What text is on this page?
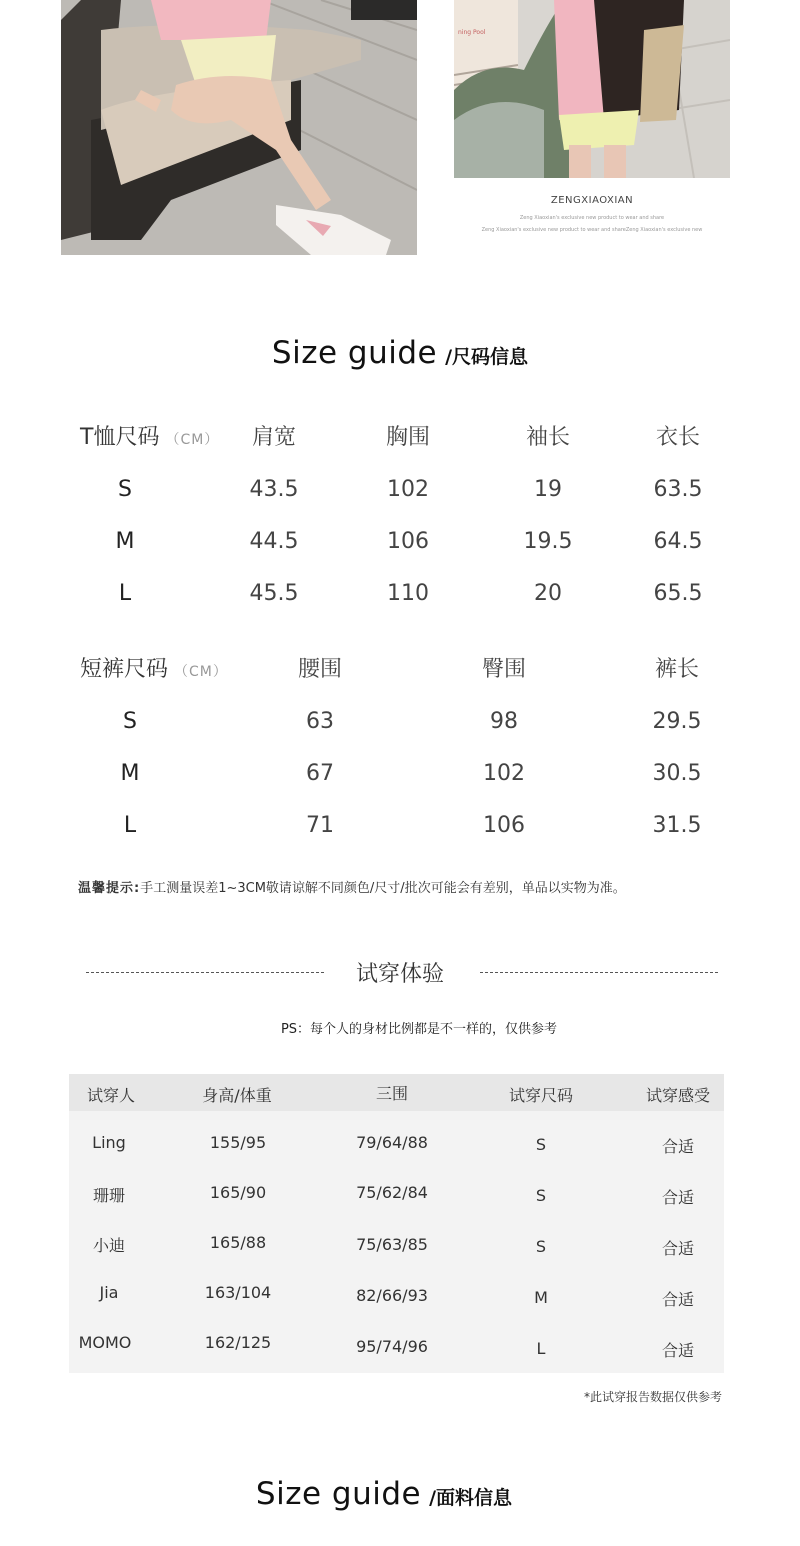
ning Pool
ZENGXIAOXIAN
Zeng Xiaoxian's exclusive new product to wear and share
Zeng Xiaoxian's exclusive new product to wear and shareZeng Xiaoxian's exclusive new
Size guide /尺码信息
T恤尺码 （CM）	肩宽	胸围	袖长	衣长
S	43.5	102	19	63.5
M	44.5	106	19.5	64.5
L	45.5	110	20	65.5
短裤尺码 （CM）	腰围	臀围	裤长
S	63	98	29.5
M	67	102	30.5
L	71	106	31.5
温馨提示:手工测量误差1~3CM敬请谅解不同颜色/尺寸/批次可能会有差别，单品以实物为准。
试穿体验
PS：每个人的身材比例都是不一样的，仅供参考
试穿人	身高/体重	三围	试穿尺码	试穿感受
Ling	155/95	79/64/88	S	合适
珊珊	165/90	75/62/84	S	合适
小迪	165/88	75/63/85	S	合适
Jia	163/104	82/66/93	M	合适
MOMO	162/125	95/74/96	L	合适
*此试穿报告数据仅供参考
Size guide /面料信息
